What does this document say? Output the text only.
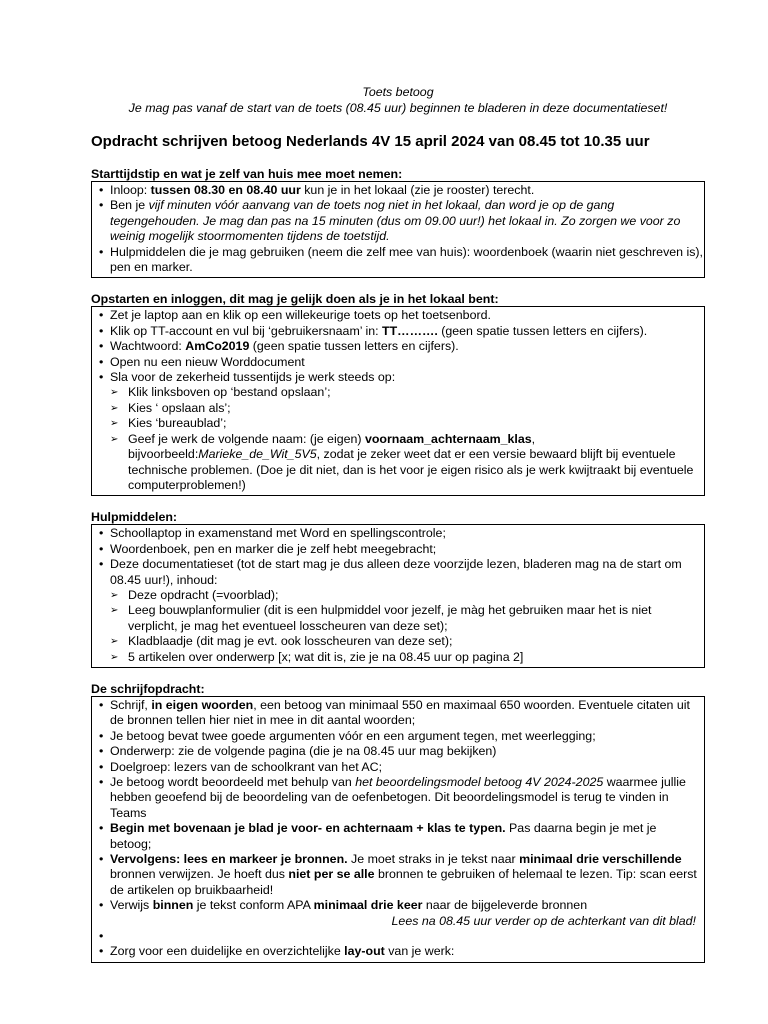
Toets betoog
Je mag pas vanaf de start van de toets (08.45 uur) beginnen te bladeren in deze documentatieset!
Opdracht schrijven betoog Nederlands 4V 15 april 2024 van 08.45 tot 10.35 uur
Starttijdstip en wat je zelf van huis mee moet nemen:
• Inloop: tussen 08.30 en 08.40 uur kun je in het lokaal (zie je rooster) terecht.
• Ben je vijf minuten vóór aanvang van de toets nog niet in het lokaal, dan word je op de gang tegengehouden. Je mag dan pas na 15 minuten (dus om 09.00 uur!) het lokaal in. Zo zorgen we voor zo weinig mogelijk stoormomenten tijdens de toetstijd.
• Hulpmiddelen die je mag gebruiken (neem die zelf mee van huis): woordenboek (waarin niet geschreven is), pen en marker.
Opstarten en inloggen, dit mag je gelijk doen als je in het lokaal bent:
• Zet je laptop aan en klik op een willekeurige toets op het toetsenbord.
• Klik op TT-account en vul bij ‘gebruikersnaam’ in: TT………. (geen spatie tussen letters en cijfers).
• Wachtwoord: AmCo2019 (geen spatie tussen letters en cijfers).
• Open nu een nieuw Worddocument
• Sla voor de zekerheid tussentijds je werk steeds op:
➢ Klik linksboven op ‘bestand opslaan’;
➢ Kies ‘ opslaan als’;
➢ Kies ‘bureaublad’;
➢ Geef je werk de volgende naam: (je eigen) voornaam_achternaam_klas, bijvoorbeeld:Marieke_de_Wit_5V5, zodat je zeker weet dat er een versie bewaard blijft bij eventuele technische problemen. (Doe je dit niet, dan is het voor je eigen risico als je werk kwijtraakt bij eventuele computerproblemen!)
Hulpmiddelen:
• Schoollaptop in examenstand met Word en spellingscontrole;
• Woordenboek, pen en marker die je zelf hebt meegebracht;
• Deze documentatieset (tot de start mag je dus alleen deze voorzijde lezen, bladeren mag na de start om 08.45 uur!), inhoud:
➢ Deze opdracht (=voorblad);
➢ Leeg bouwplanformulier (dit is een hulpmiddel voor jezelf, je màg het gebruiken maar het is niet verplicht, je mag het eventueel losscheuren van deze set);
➢ Kladblaadje (dit mag je evt. ook losscheuren van deze set);
➢ 5 artikelen over onderwerp [x; wat dit is, zie je na 08.45 uur op pagina 2]
De schrijfopdracht:
• Schrijf, in eigen woorden, een betoog van minimaal 550 en maximaal 650 woorden. Eventuele citaten uit de bronnen tellen hier niet in mee in dit aantal woorden;
• Je betoog bevat twee goede argumenten vóór en een argument tegen, met weerlegging;
• Onderwerp: zie de volgende pagina (die je na 08.45 uur mag bekijken)
• Doelgroep: lezers van de schoolkrant van het AC;
• Je betoog wordt beoordeeld met behulp van het beoordelingsmodel betoog 4V 2024-2025 waarmee jullie hebben geoefend bij de beoordeling van de oefenbetogen. Dit beoordelingsmodel is terug te vinden in Teams
• Begin met bovenaan je blad je voor- en achternaam + klas te typen. Pas daarna begin je met je betoog;
• Vervolgens: lees en markeer je bronnen. Je moet straks in je tekst naar minimaal drie verschillende bronnen verwijzen. Je hoeft dus niet per se alle bronnen te gebruiken of helemaal te lezen. Tip: scan eerst de artikelen op bruikbaarheid!
• Verwijs binnen je tekst conform APA minimaal drie keer naar de bijgeleverde bronnen
Lees na 08.45 uur verder op de achterkant van dit blad!
•

• Zorg voor een duidelijke en overzichtelijke lay-out van je werk:
